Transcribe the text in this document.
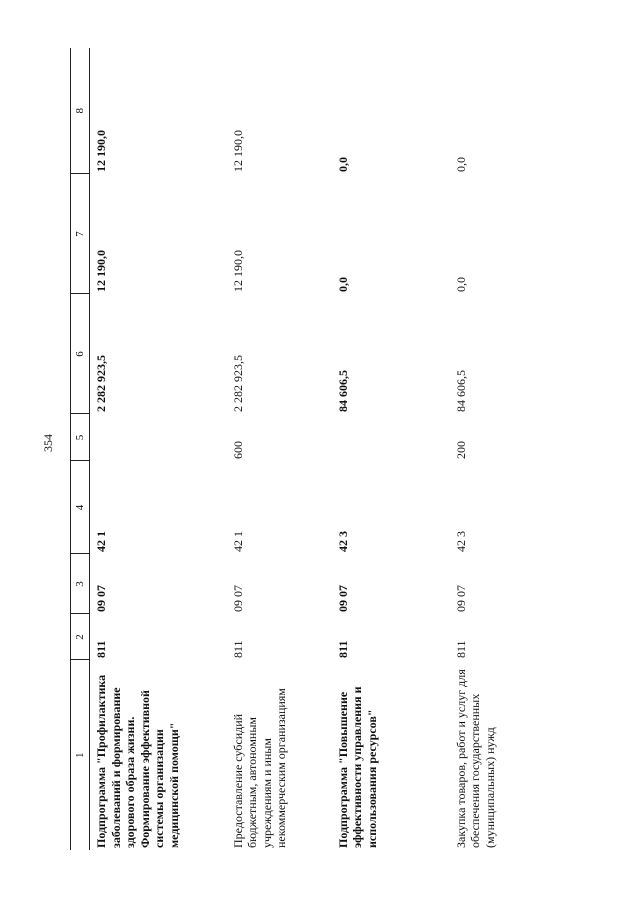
354
1	2	3	4	5	6	7	8
Подпрограмма "Профилактика заболеваний и формирование здорового образа жизни. Формирование эффективной системы организации медицинской помощи"	811	09 07	42 1		2 282 923,5	12 190,0	12 190,0
Предоставление субсидий бюджетным, автономным учреждениям и иным некоммерческим организациям	811	09 07	42 1	600	2 282 923,5	12 190,0	12 190,0
Подпрограмма "Повышение эффективности управления и использования ресурсов"	811	09 07	42 3		84 606,5	0,0	0,0
Закупка товаров, работ и услуг для обеспечения государственных (муниципальных) нужд	811	09 07	42 3	200	84 606,5	0,0	0,0
